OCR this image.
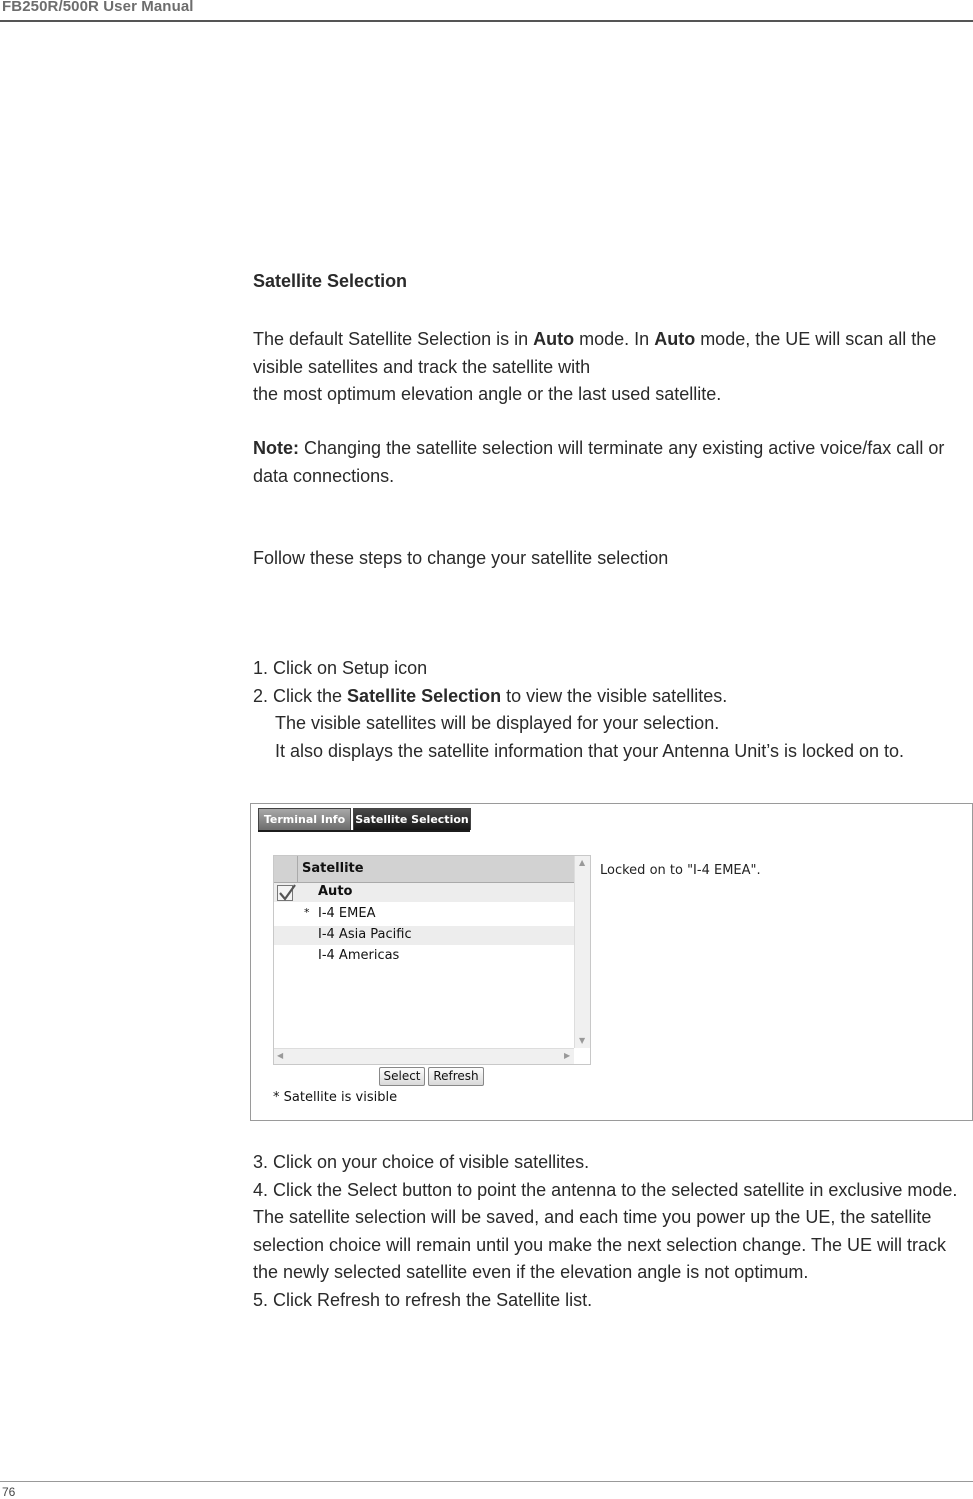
FB250R/500R User Manual
Satellite Selection
The default Satellite Selection is in Auto mode. In Auto mode, the UE will scan all the visible satellites and track the satellite with
the most optimum elevation angle or the last used satellite.
Note: Changing the satellite selection will terminate any existing active voice/fax call or data connections.
Follow these steps to change your satellite selection
1. Click on Setup icon
2. Click the Satellite Selection to view the visible satellites.
The visible satellites will be displayed for your selection.
It also displays the satellite information that your Antenna Unit’s is locked on to.
Terminal Info Satellite Selection
Satellite
Auto
* I-4 EMEA
I-4 Asia Pacific
I-4 Americas
▲
▼
◀	▶
Locked on to "I-4 EMEA".
Select	Refresh
* Satellite is visible
3. Click on your choice of visible satellites.
4. Click the Select button to point the antenna to the selected satellite in exclusive mode. The satellite selection will be saved, and each time you power up the UE, the satellite selection choice will remain until you make the next selection change. The UE will track the newly selected satellite even if the elevation angle is not optimum.
5. Click Refresh to refresh the Satellite list.
76
